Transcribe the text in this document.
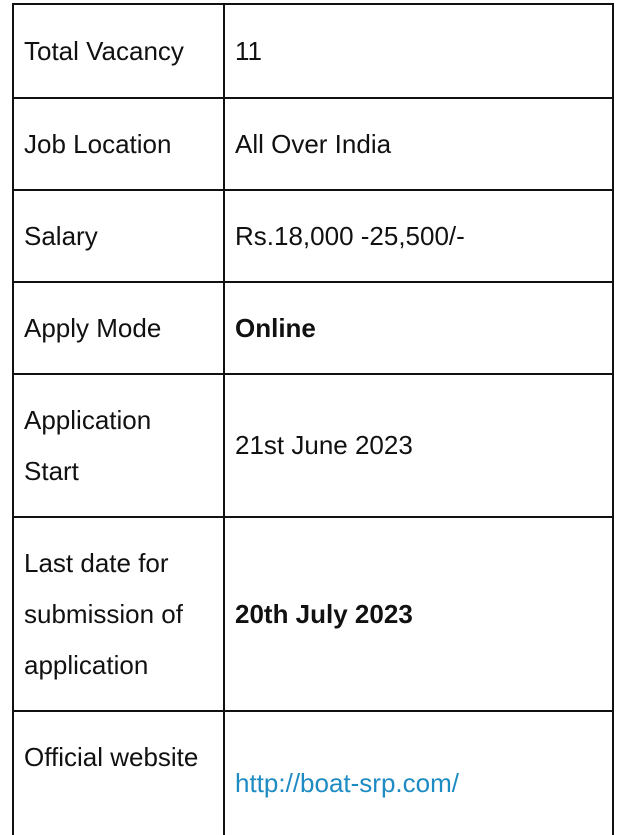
Total Vacancy	11
Job Location	All Over India
Salary	Rs.18,000 -25,500/-
Apply Mode	Online
Application Start	21st June 2023
Last date for submission of application	20th July 2023
Official website	http://boat-srp.com/
